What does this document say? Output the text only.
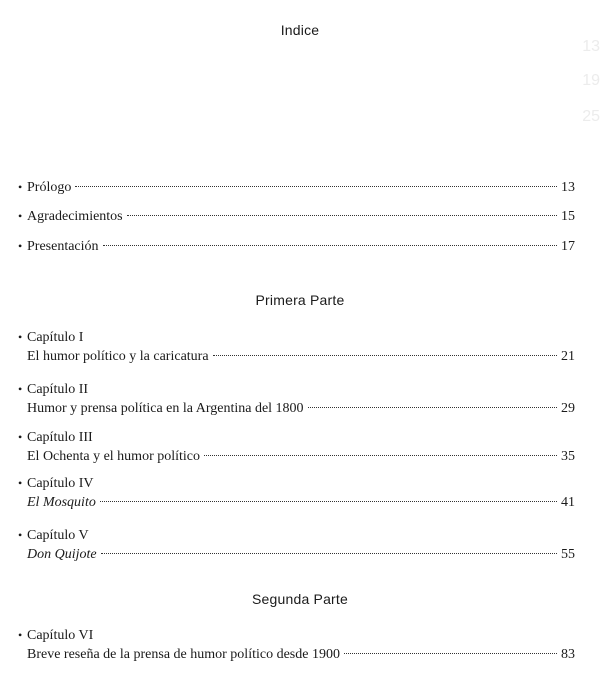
13
19
25
Indice
• Prólogo	13
• Agradecimientos	15
• Presentación	17
Primera Parte
• Capítulo I
El humor político y la caricatura	21
• Capítulo II
Humor y prensa política en la Argentina del 1800	29
• Capítulo III
El Ochenta y el humor político	35
• Capítulo IV
El Mosquito	41
• Capítulo V
Don Quijote	55
Segunda Parte
• Capítulo VI
Breve reseña de la prensa de humor político desde 1900	83
